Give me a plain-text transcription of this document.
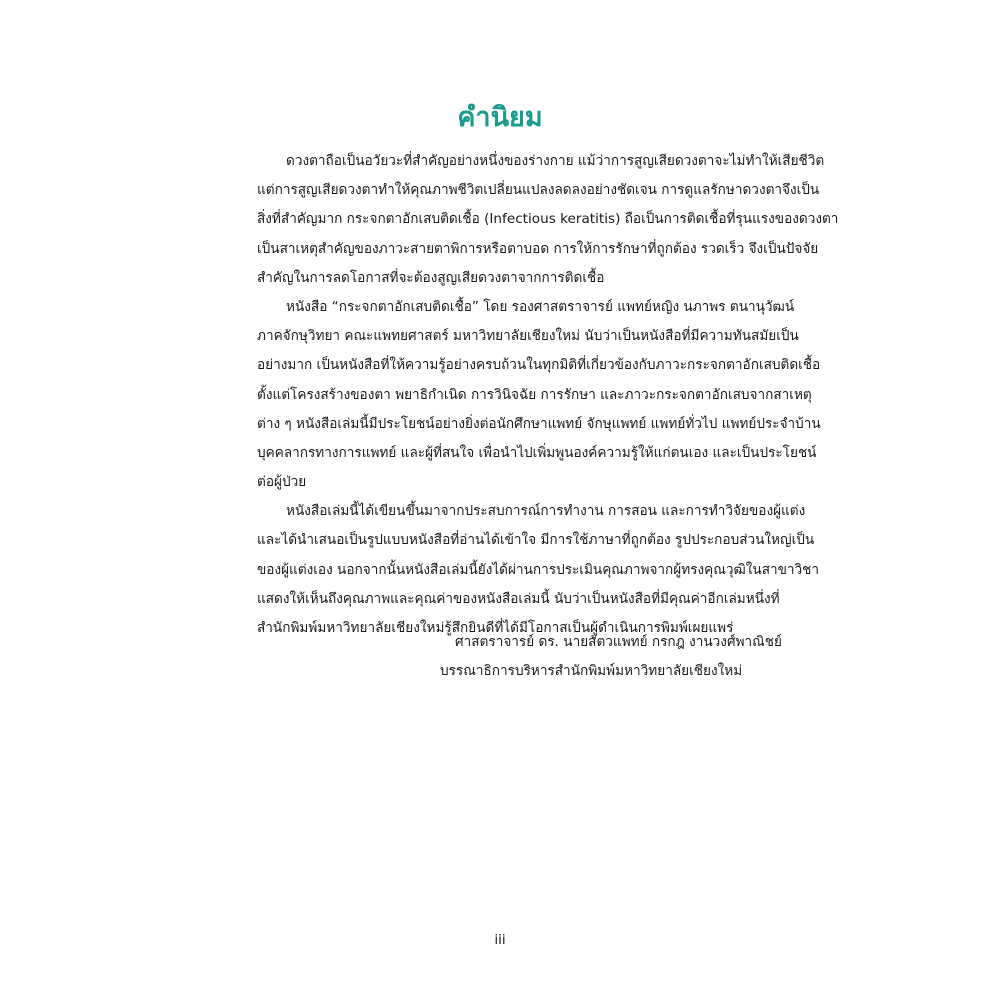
คำนิยม
ดวงตาถือเป็นอวัยวะที่สำคัญอย่างหนึ่งของร่างกาย แม้ว่าการสูญเสียดวงตาจะไม่ทำให้เสียชีวิต
แต่การสูญเสียดวงตาทำให้คุณภาพชีวิตเปลี่ยนแปลงลดลงอย่างชัดเจน การดูแลรักษาดวงตาจึงเป็น
สิ่งที่สำคัญมาก กระจกตาอักเสบติดเชื้อ (Infectious keratitis) ถือเป็นการติดเชื้อที่รุนแรงของดวงตา
เป็นสาเหตุสำคัญของภาวะสายตาพิการหรือตาบอด การให้การรักษาที่ถูกต้อง รวดเร็ว จึงเป็นปัจจัย
สำคัญในการลดโอกาสที่จะต้องสูญเสียดวงตาจากการติดเชื้อ
หนังสือ “กระจกตาอักเสบติดเชื้อ” โดย รองศาสตราจารย์ แพทย์หญิง นภาพร ตนานุวัฒน์
ภาคจักษุวิทยา คณะแพทยศาสตร์ มหาวิทยาลัยเชียงใหม่ นับว่าเป็นหนังสือที่มีความทันสมัยเป็น
อย่างมาก เป็นหนังสือที่ให้ความรู้อย่างครบถ้วนในทุกมิติที่เกี่ยวข้องกับภาวะกระจกตาอักเสบติดเชื้อ
ตั้งแต่โครงสร้างของตา พยาธิกำเนิด การวินิจฉัย การรักษา และภาวะกระจกตาอักเสบจากสาเหตุ
ต่าง ๆ หนังสือเล่มนี้มีประโยชน์อย่างยิ่งต่อนักศึกษาแพทย์ จักษุแพทย์ แพทย์ทั่วไป แพทย์ประจำบ้าน
บุคคลากรทางการแพทย์ และผู้ที่สนใจ เพื่อนำไปเพิ่มพูนองค์ความรู้ให้แก่ตนเอง และเป็นประโยชน์
ต่อผู้ป่วย
หนังสือเล่มนี้ได้เขียนขึ้นมาจากประสบการณ์การทำงาน การสอน และการทำวิจัยของผู้แต่ง
และได้นำเสนอเป็นรูปแบบหนังสือที่อ่านได้เข้าใจ มีการใช้ภาษาที่ถูกต้อง รูปประกอบส่วนใหญ่เป็น
ของผู้แต่งเอง นอกจากนั้นหนังสือเล่มนี้ยังได้ผ่านการประเมินคุณภาพจากผู้ทรงคุณวุฒิในสาขาวิชา
แสดงให้เห็นถึงคุณภาพและคุณค่าของหนังสือเล่มนี้ นับว่าเป็นหนังสือที่มีคุณค่าอีกเล่มหนึ่งที่
สำนักพิมพ์มหาวิทยาลัยเชียงใหม่รู้สึกยินดีที่ได้มีโอกาสเป็นผู้ดำเนินการพิมพ์เผยแพร่
ศาสตราจารย์ ดร. นายสัตวแพทย์ กรกฎ งานวงศ์พาณิชย์
บรรณาธิการบริหารสำนักพิมพ์มหาวิทยาลัยเชียงใหม่
iii
